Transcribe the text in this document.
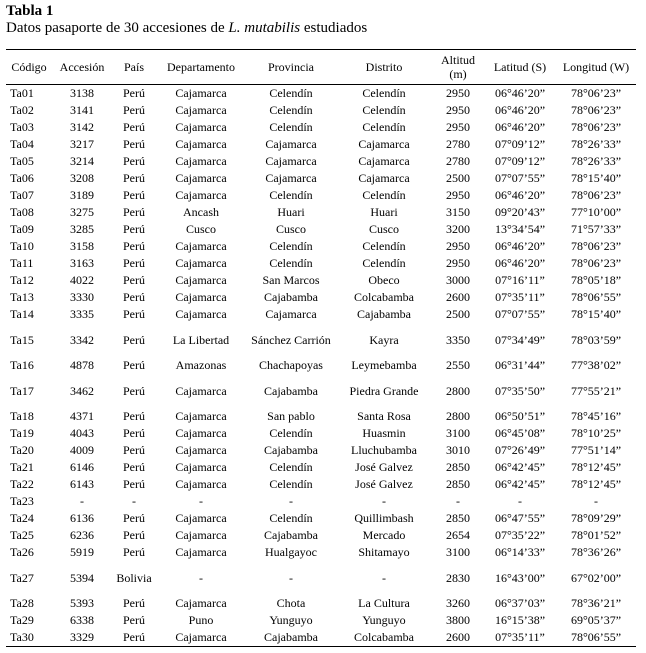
Tabla 1
Datos pasaporte de 30 accesiones de L. mutabilis estudiados
Código	Accesión	País	Departamento	Provincia	Distrito	Altitud (m)	Latitud (S)	Longitud (W)
Ta01	3138	Perú	Cajamarca	Celendín	Celendín	2950	06°46’20”	78°06’23”
Ta02	3141	Perú	Cajamarca	Celendín	Celendín	2950	06°46’20”	78°06’23”
Ta03	3142	Perú	Cajamarca	Celendín	Celendín	2950	06°46’20”	78°06’23”
Ta04	3217	Perú	Cajamarca	Cajamarca	Cajamarca	2780	07°09’12”	78°26’33”
Ta05	3214	Perú	Cajamarca	Cajamarca	Cajamarca	2780	07°09’12”	78°26’33”
Ta06	3208	Perú	Cajamarca	Cajamarca	Cajamarca	2500	07°07’55”	78°15’40”
Ta07	3189	Perú	Cajamarca	Celendín	Celendín	2950	06°46’20”	78°06’23”
Ta08	3275	Perú	Ancash	Huari	Huari	3150	09°20’43”	77°10’00”
Ta09	3285	Perú	Cusco	Cusco	Cusco	3200	13°34’54”	71°57’33”
Ta10	3158	Perú	Cajamarca	Celendín	Celendín	2950	06°46’20”	78°06’23”
Ta11	3163	Perú	Cajamarca	Celendín	Celendín	2950	06°46’20”	78°06’23”
Ta12	4022	Perú	Cajamarca	San Marcos	Obeco	3000	07°16’11”	78°05’18”
Ta13	3330	Perú	Cajamarca	Cajabamba	Colcabamba	2600	07°35’11”	78°06’55”
Ta14	3335	Perú	Cajamarca	Cajamarca	Cajabamba	2500	07°07’55”	78°15’40”
Ta15	3342	Perú	La Libertad	Sánchez Carrión	Kayra	3350	07°34’49”	78°03’59”
Ta16	4878	Perú	Amazonas	Chachapoyas	Leymebamba	2550	06°31’44”	77°38’02”
Ta17	3462	Perú	Cajamarca	Cajabamba	Piedra Grande	2800	07°35’50”	77°55’21”
Ta18	4371	Perú	Cajamarca	San pablo	Santa Rosa	2800	06°50’51”	78°45’16”
Ta19	4043	Perú	Cajamarca	Celendín	Huasmin	3100	06°45’08”	78°10’25”
Ta20	4009	Perú	Cajamarca	Cajabamba	Lluchubamba	3010	07°26’49”	77°51’14”
Ta21	6146	Perú	Cajamarca	Celendín	José Galvez	2850	06°42’45”	78°12’45”
Ta22	6143	Perú	Cajamarca	Celendín	José Galvez	2850	06°42’45”	78°12’45”
Ta23	-	-	-	-	-	-	-	-
Ta24	6136	Perú	Cajamarca	Celendín	Quillimbash	2850	06°47’55”	78°09’29”
Ta25	6236	Perú	Cajamarca	Cajabamba	Mercado	2654	07°35’22”	78°01’52”
Ta26	5919	Perú	Cajamarca	Hualgayoc	Shitamayo	3100	06°14’33”	78°36’26”
Ta27	5394	Bolivia	-	-	-	2830	16°43’00”	67°02’00”
Ta28	5393	Perú	Cajamarca	Chota	La Cultura	3260	06°37’03”	78°36’21”
Ta29	6338	Perú	Puno	Yunguyo	Yunguyo	3800	16°15’38”	69°05’37”
Ta30	3329	Perú	Cajamarca	Cajabamba	Colcabamba	2600	07°35’11”	78°06’55”
